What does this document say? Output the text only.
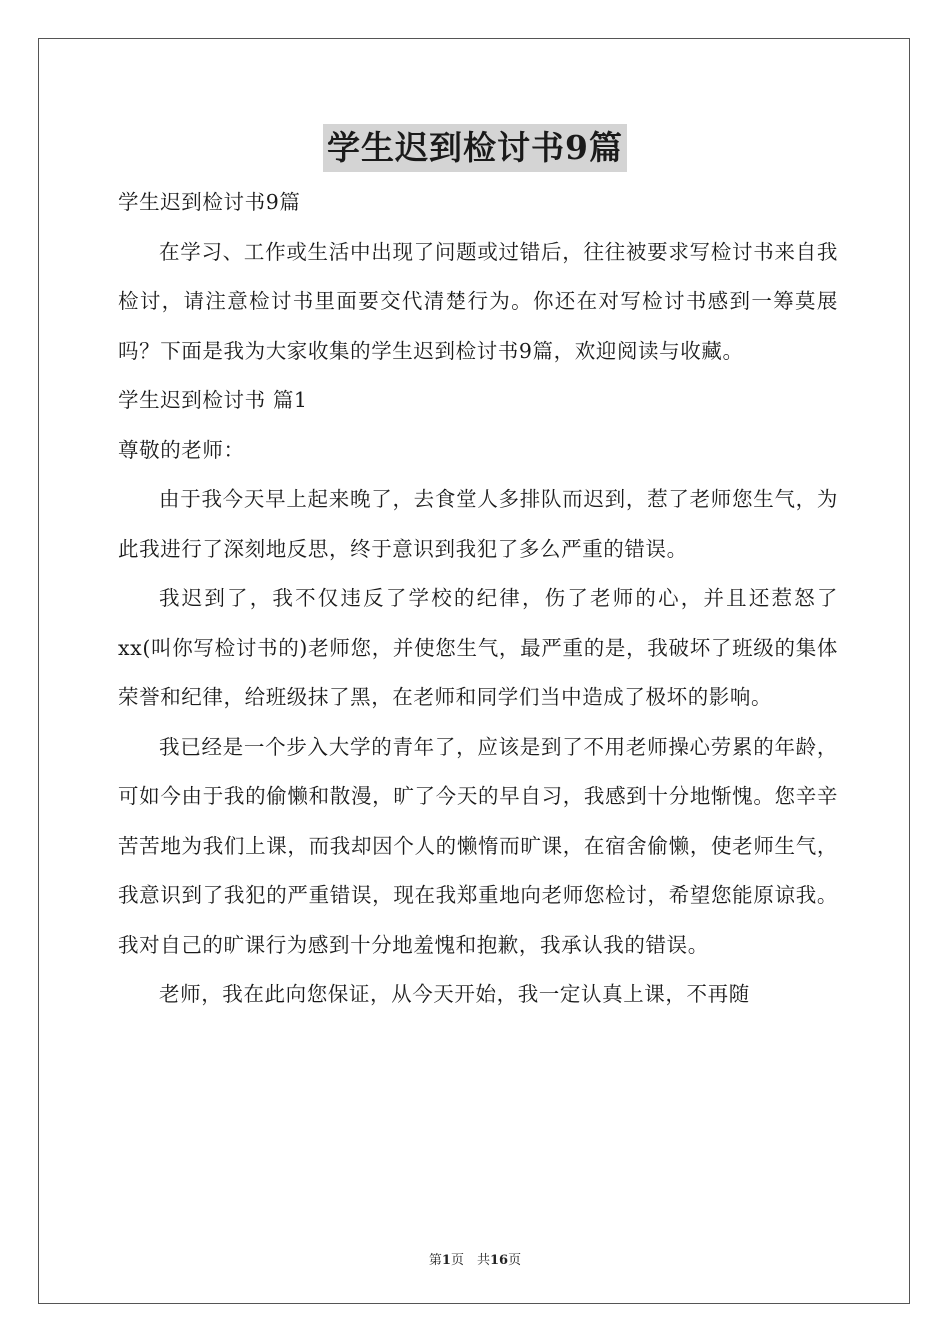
学生迟到检讨书9篇

学生迟到检讨书9篇

在学习、工作或生活中出现了问题或过错后，往往被要求写检讨书来自我检讨，请注意检讨书里面要交代清楚行为。你还在对写检讨书感到一筹莫展吗？下面是我为大家收集的学生迟到检讨书9篇，欢迎阅读与收藏。

学生迟到检讨书 篇1

尊敬的老师：

由于我今天早上起来晚了，去食堂人多排队而迟到，惹了老师您生气，为此我进行了深刻地反思，终于意识到我犯了多么严重的错误。

我迟到了，我不仅违反了学校的纪律，伤了老师的心，并且还惹怒了xx(叫你写检讨书的)老师您，并使您生气，最严重的是，我破坏了班级的集体荣誉和纪律，给班级抹了黑，在老师和同学们当中造成了极坏的影响。

我已经是一个步入大学的青年了，应该是到了不用老师操心劳累的年龄，可如今由于我的偷懒和散漫，旷了今天的早自习，我感到十分地惭愧。您辛辛苦苦地为我们上课，而我却因个人的懒惰而旷课，在宿舍偷懒，使老师生气，我意识到了我犯的严重错误，现在我郑重地向老师您检讨，希望您能原谅我。我对自己的旷课行为感到十分地羞愧和抱歉，我承认我的错误。

老师，我在此向您保证，从今天开始，我一定认真上课，不再随

第1页　共16页
